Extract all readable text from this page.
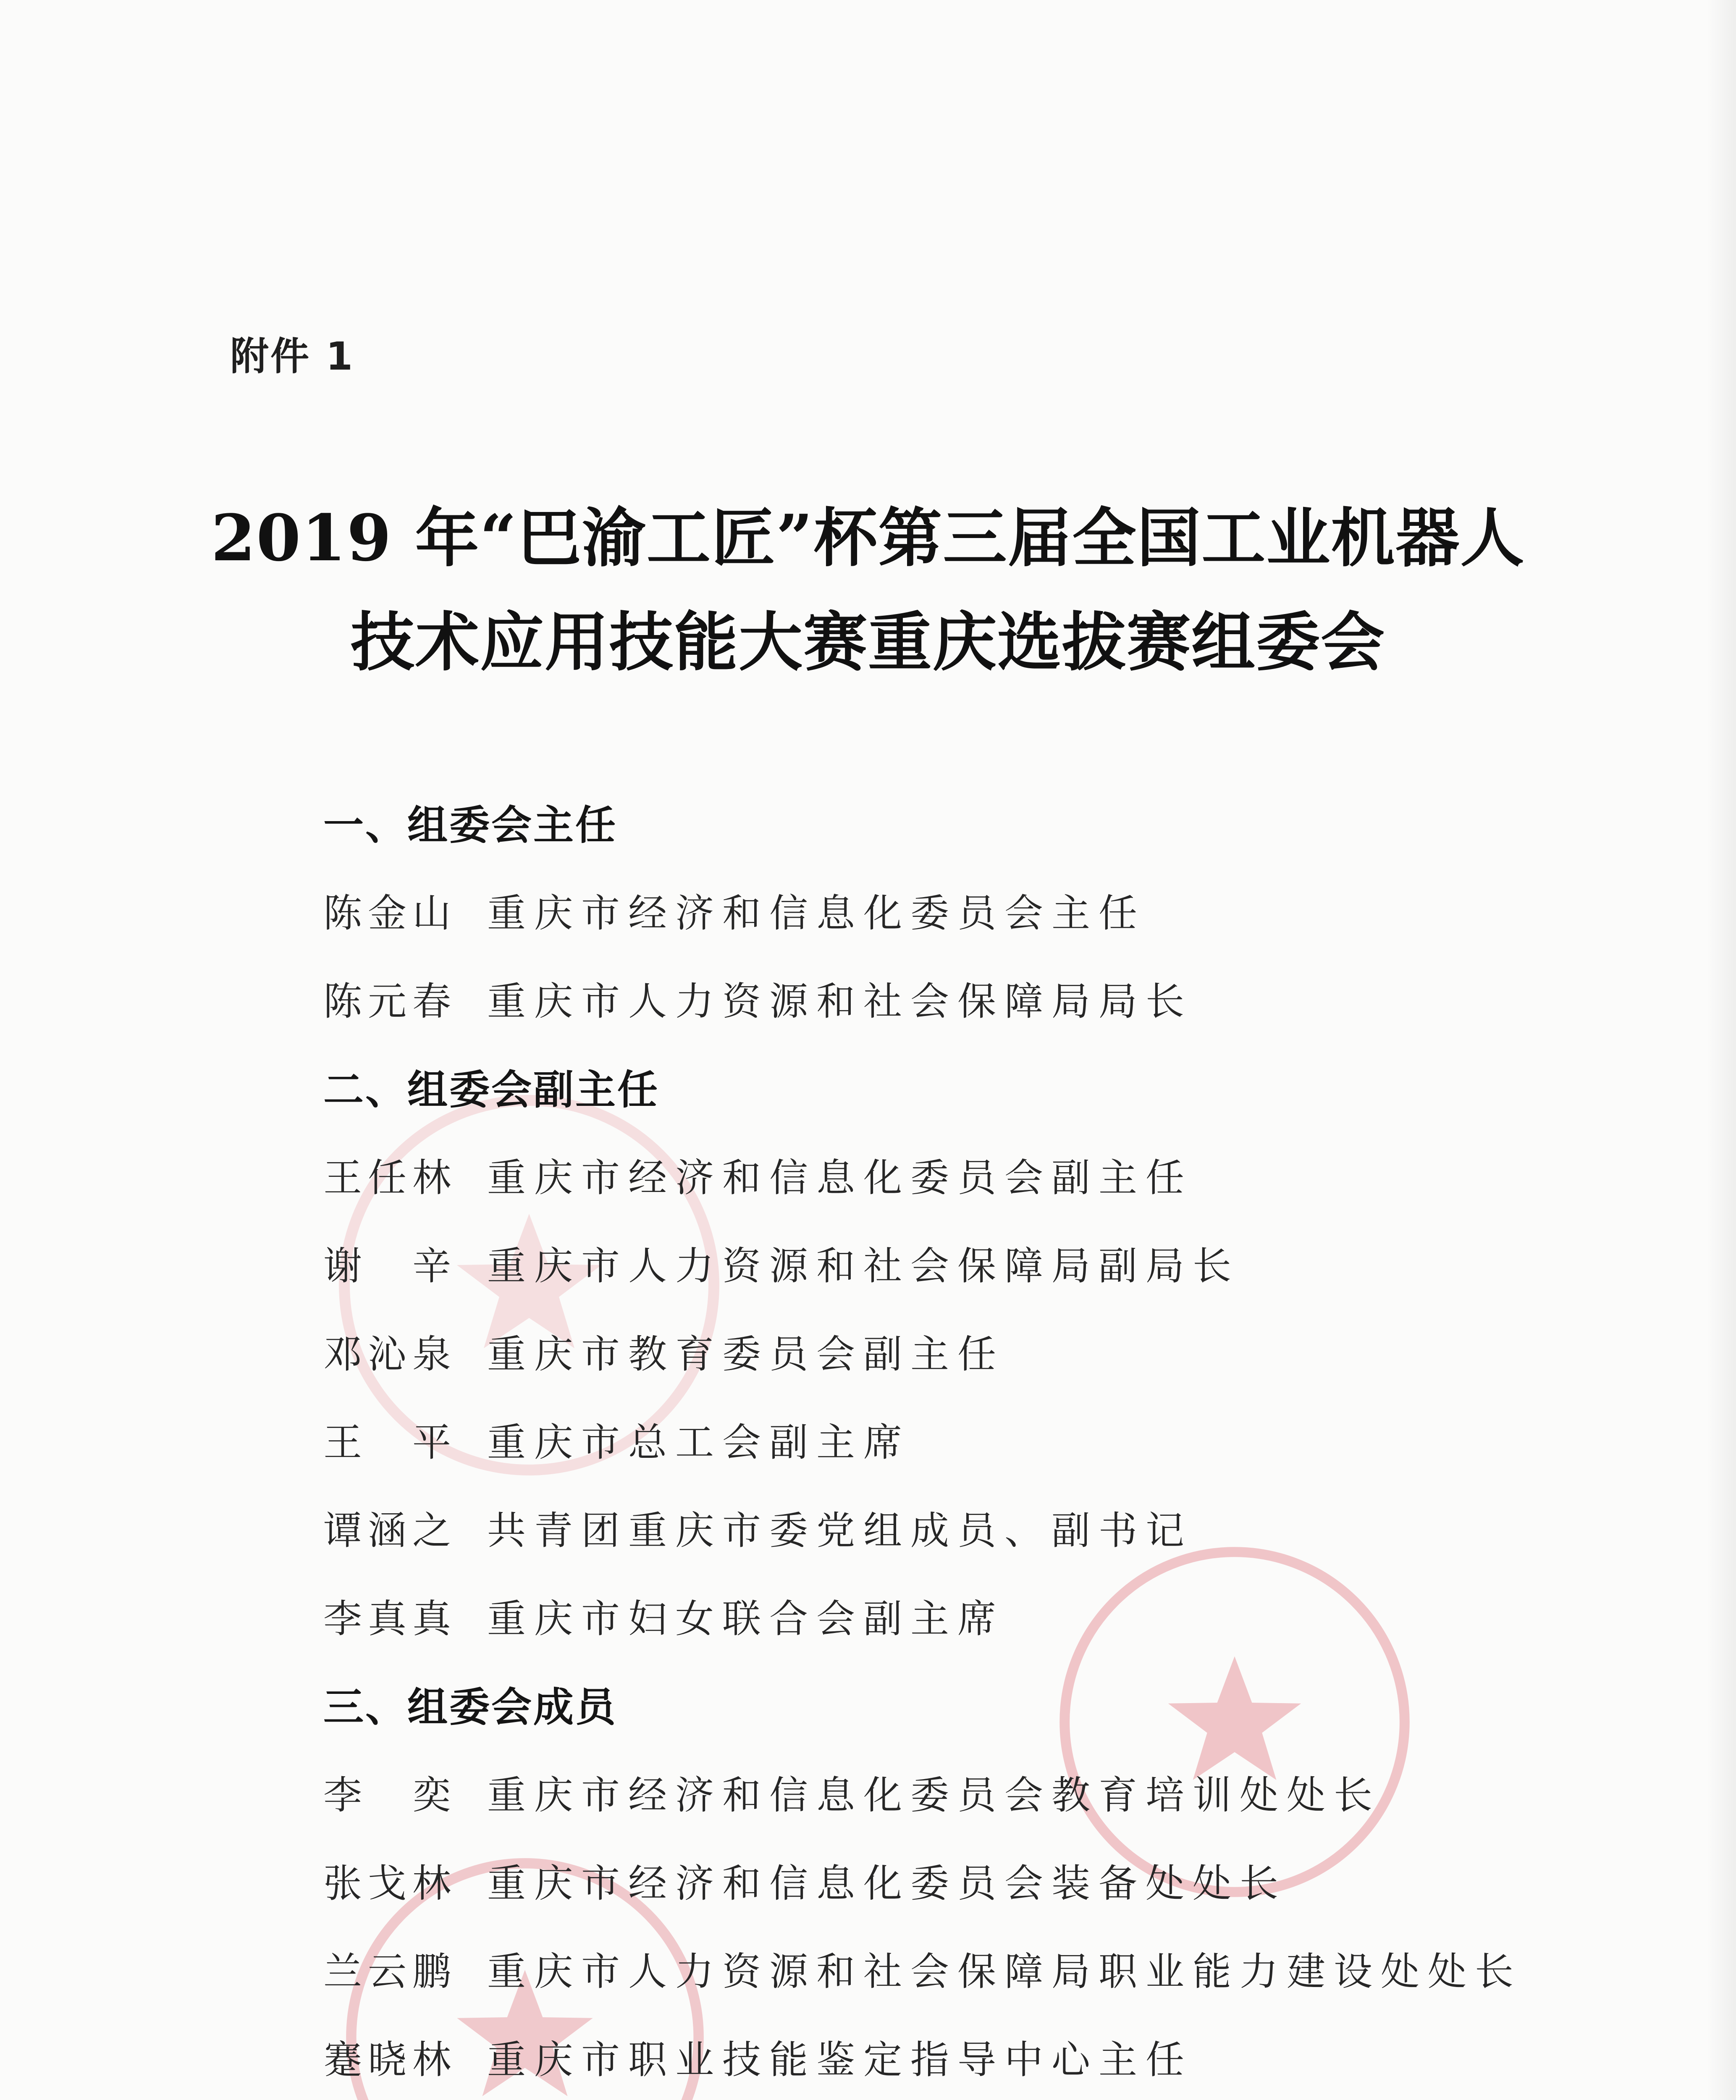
附件 1
2019 年“巴渝工匠”杯第三届全国工业机器人
技术应用技能大赛重庆选拔赛组委会
一、组委会主任
陈金山 重庆市经济和信息化委员会主任
陈元春 重庆市人力资源和社会保障局局长
二、组委会副主任
王任林 重庆市经济和信息化委员会副主任
谢　辛 重庆市人力资源和社会保障局副局长
邓沁泉 重庆市教育委员会副主任
王　平 重庆市总工会副主席
谭涵之 共青团重庆市委党组成员、副书记
李真真 重庆市妇女联合会副主席
三、组委会成员
李　奕 重庆市经济和信息化委员会教育培训处处长
张戈林 重庆市经济和信息化委员会装备处处长
兰云鹏 重庆市人力资源和社会保障局职业能力建设处处长
蹇晓林 重庆市职业技能鉴定指导中心主任
